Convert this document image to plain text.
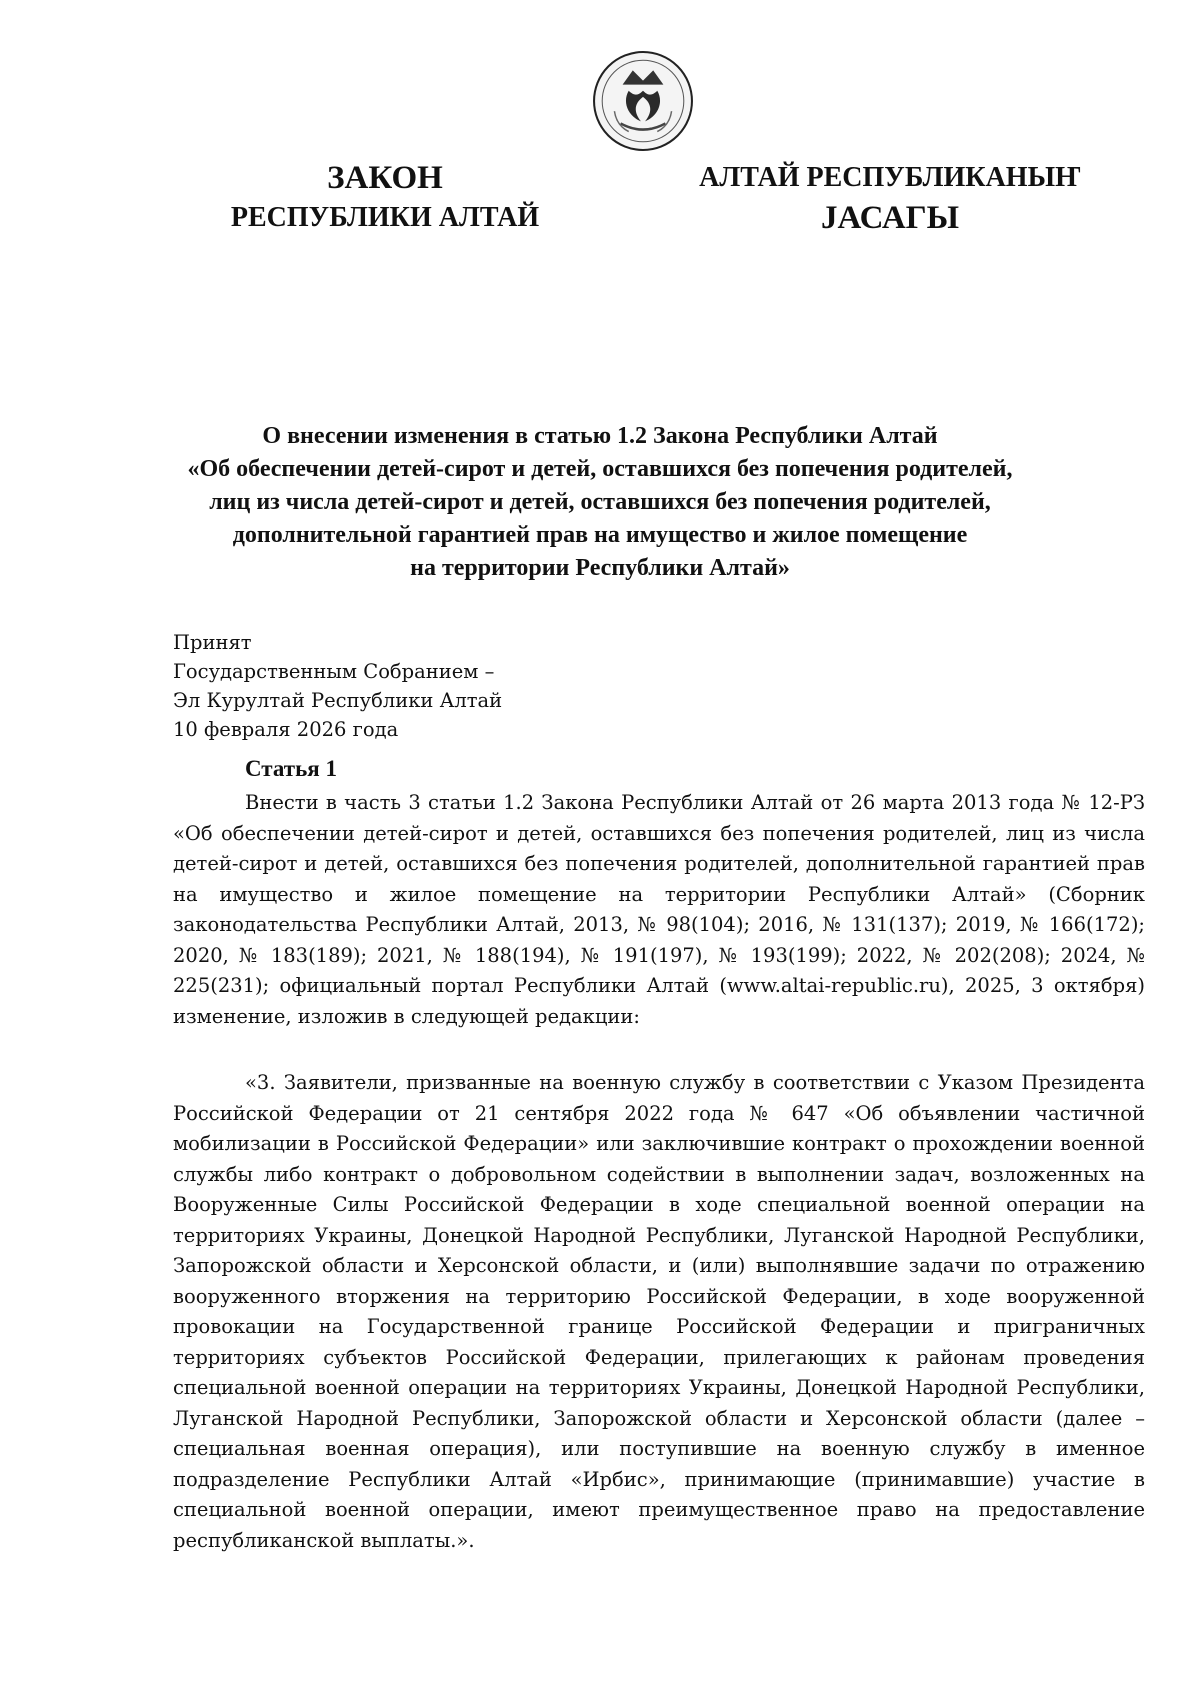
ЗАКОН
РЕСПУБЛИКИ АЛТАЙ
АЛТАЙ РЕСПУБЛИКАНЫҤ
JАСАГЫ
О внесении изменения в статью 1.2 Закона Республики Алтай
«Об обеспечении детей-сирот и детей, оставшихся без попечения родителей,
лиц из числа детей-сирот и детей, оставшихся без попечения родителей,
дополнительной гарантией прав на имущество и жилое помещение
на территории Республики Алтай»
Принят
Государственным Собранием –
Эл Курултай Республики Алтай
10 февраля 2026 года
Статья 1

Внести в часть 3 статьи 1.2 Закона Республики Алтай от 26 марта 2013 года № 12-РЗ «Об обеспечении детей-сирот и детей, оставшихся без попечения родителей, лиц из числа детей-сирот и детей, оставшихся без попечения родителей, дополнительной гарантией прав на имущество и жилое помещение на территории Республики Алтай» (Сборник законодательства Республики Алтай, 2013, № 98(104); 2016, № 131(137); 2019, № 166(172); 2020, № 183(189); 2021, № 188(194), № 191(197), № 193(199); 2022, № 202(208); 2024, № 225(231); официальный портал Республики Алтай (www.altai-republic.ru), 2025, 3 октября) изменение, изложив в следующей редакции:

«3. Заявители, призванные на военную службу в соответствии с Указом Президента Российской Федерации от 21 сентября 2022 года № 647 «Об объявлении частичной мобилизации в Российской Федерации» или заключившие контракт о прохождении военной службы либо контракт о добровольном содействии в выполнении задач, возложенных на Вооруженные Силы Российской Федерации в ходе специальной военной операции на территориях Украины, Донецкой Народной Республики, Луганской Народной Республики, Запорожской области и Херсонской области, и (или) выполнявшие задачи по отражению вооруженного вторжения на территорию Российской Федерации, в ходе вооруженной провокации на Государственной границе Российской Федерации и приграничных территориях субъектов Российской Федерации, прилегающих к районам проведения специальной военной операции на территориях Украины, Донецкой Народной Республики, Луганской Народной Республики, Запорожской области и Херсонской области (далее – специальная военная операция), или поступившие на военную службу в именное подразделение Республики Алтай «Ирбис», принимающие (принимавшие) участие в специальной военной операции, имеют преимущественное право на предоставление республиканской выплаты.».
